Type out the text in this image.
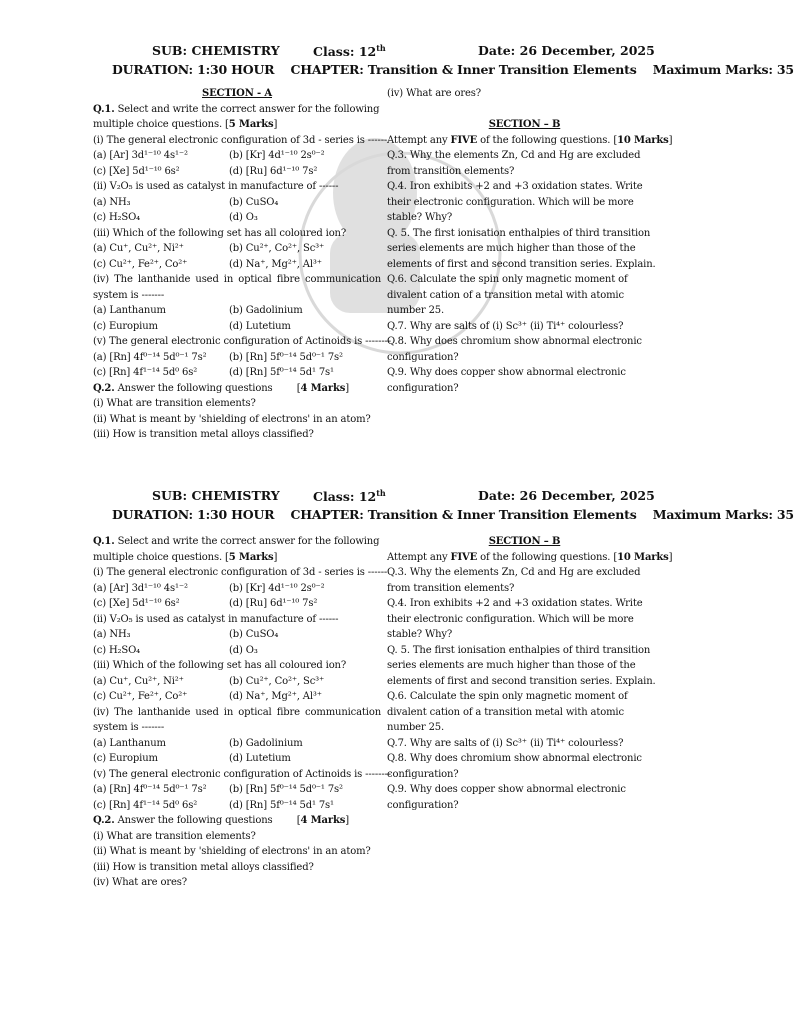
SUB: CHEMISTRY	Class: 12th	Date: 26 December, 2025
DURATION: 1:30 HOUR CHAPTER: Transition & Inner Transition Elements Maximum Marks: 35

SECTION - A

Q.1. Select and write the correct answer for the following multiple choice questions. [5 Marks]

(i) The general electronic configuration of 3d - series is ------

(a) [Ar] 3d¹⁻¹⁰ 4s¹⁻²	(b) [Kr] 4d¹⁻¹⁰ 2s⁰⁻²

(c) [Xe] 5d¹⁻¹⁰ 6s²	(d) [Ru] 6d¹⁻¹⁰ 7s²

(ii) V₂O₅ is used as catalyst in manufacture of ------

(a) NH₃	(b) CuSO₄

(c) H₂SO₄	(d) O₃

(iii) Which of the following set has all coloured ion?

(a) Cu⁺, Cu²⁺, Ni²⁺	(b) Cu²⁺, Co²⁺, Sc³⁺

(c) Cu²⁺, Fe²⁺, Co²⁺	(d) Na⁺, Mg²⁺, Al³⁺

(iv) The lanthanide used in optical fibre communication system is -------

(a) Lanthanum	(b) Gadolinium

(c) Europium	(d) Lutetium

(v) The general electronic configuration of Actinoids is --------

(a) [Rn] 4f⁰⁻¹⁴ 5d⁰⁻¹ 7s²	(b) [Rn] 5f⁰⁻¹⁴ 5d⁰⁻¹ 7s²

(c) [Rn] 4f¹⁻¹⁴ 5d⁰ 6s²	(d) [Rn] 5f⁰⁻¹⁴ 5d¹ 7s¹

Q.2. Answer the following questions        [4 Marks]

(i) What are transition elements?

(ii) What is meant by 'shielding of electrons' in an atom?

(iii) How is transition metal alloys classified?

(iv) What are ores?

SECTION – B

Attempt any FIVE of the following questions. [10 Marks]

Q.3. Why the elements Zn, Cd and Hg are excluded from transition elements?

Q.4. Iron exhibits +2 and +3 oxidation states. Write their electronic configuration. Which will be more stable? Why?

Q. 5. The first ionisation enthalpies of third transition series elements are much higher than those of the elements of first and second transition series. Explain.

Q.6. Calculate the spin only magnetic moment of divalent cation of a transition metal with atomic number 25.

Q.7. Why are salts of (i) Sc³⁺ (ii) Ti⁴⁺ colourless?

Q.8. Why does chromium show abnormal electronic configuration?

Q.9. Why does copper show abnormal electronic configuration?

SUB: CHEMISTRY	Class: 12th	Date: 26 December, 2025
DURATION: 1:30 HOUR CHAPTER: Transition & Inner Transition Elements Maximum Marks: 35

Q.1. Select and write the correct answer for the following multiple choice questions. [5 Marks]

(i) The general electronic configuration of 3d - series is ------

(a) [Ar] 3d¹⁻¹⁰ 4s¹⁻²	(b) [Kr] 4d¹⁻¹⁰ 2s⁰⁻²

(c) [Xe] 5d¹⁻¹⁰ 6s²	(d) [Ru] 6d¹⁻¹⁰ 7s²

(ii) V₂O₅ is used as catalyst in manufacture of ------

(a) NH₃	(b) CuSO₄

(c) H₂SO₄	(d) O₃

(iii) Which of the following set has all coloured ion?

(a) Cu⁺, Cu²⁺, Ni²⁺	(b) Cu²⁺, Co²⁺, Sc³⁺

(c) Cu²⁺, Fe²⁺, Co²⁺	(d) Na⁺, Mg²⁺, Al³⁺

(iv) The lanthanide used in optical fibre communication system is -------

(a) Lanthanum	(b) Gadolinium

(c) Europium	(d) Lutetium

(v) The general electronic configuration of Actinoids is --------

(a) [Rn] 4f⁰⁻¹⁴ 5d⁰⁻¹ 7s²	(b) [Rn] 5f⁰⁻¹⁴ 5d⁰⁻¹ 7s²

(c) [Rn] 4f¹⁻¹⁴ 5d⁰ 6s²	(d) [Rn] 5f⁰⁻¹⁴ 5d¹ 7s¹

Q.2. Answer the following questions        [4 Marks]

(i) What are transition elements?

(ii) What is meant by 'shielding of electrons' in an atom?

(iii) How is transition metal alloys classified?

(iv) What are ores?

SECTION – B

Attempt any FIVE of the following questions. [10 Marks]

Q.3. Why the elements Zn, Cd and Hg are excluded from transition elements?

Q.4. Iron exhibits +2 and +3 oxidation states. Write their electronic configuration. Which will be more stable? Why?

Q. 5. The first ionisation enthalpies of third transition series elements are much higher than those of the elements of first and second transition series. Explain.

Q.6. Calculate the spin only magnetic moment of divalent cation of a transition metal with atomic number 25.

Q.7. Why are salts of (i) Sc³⁺ (ii) Ti⁴⁺ colourless?

Q.8. Why does chromium show abnormal electronic configuration?

Q.9. Why does copper show abnormal electronic configuration?
